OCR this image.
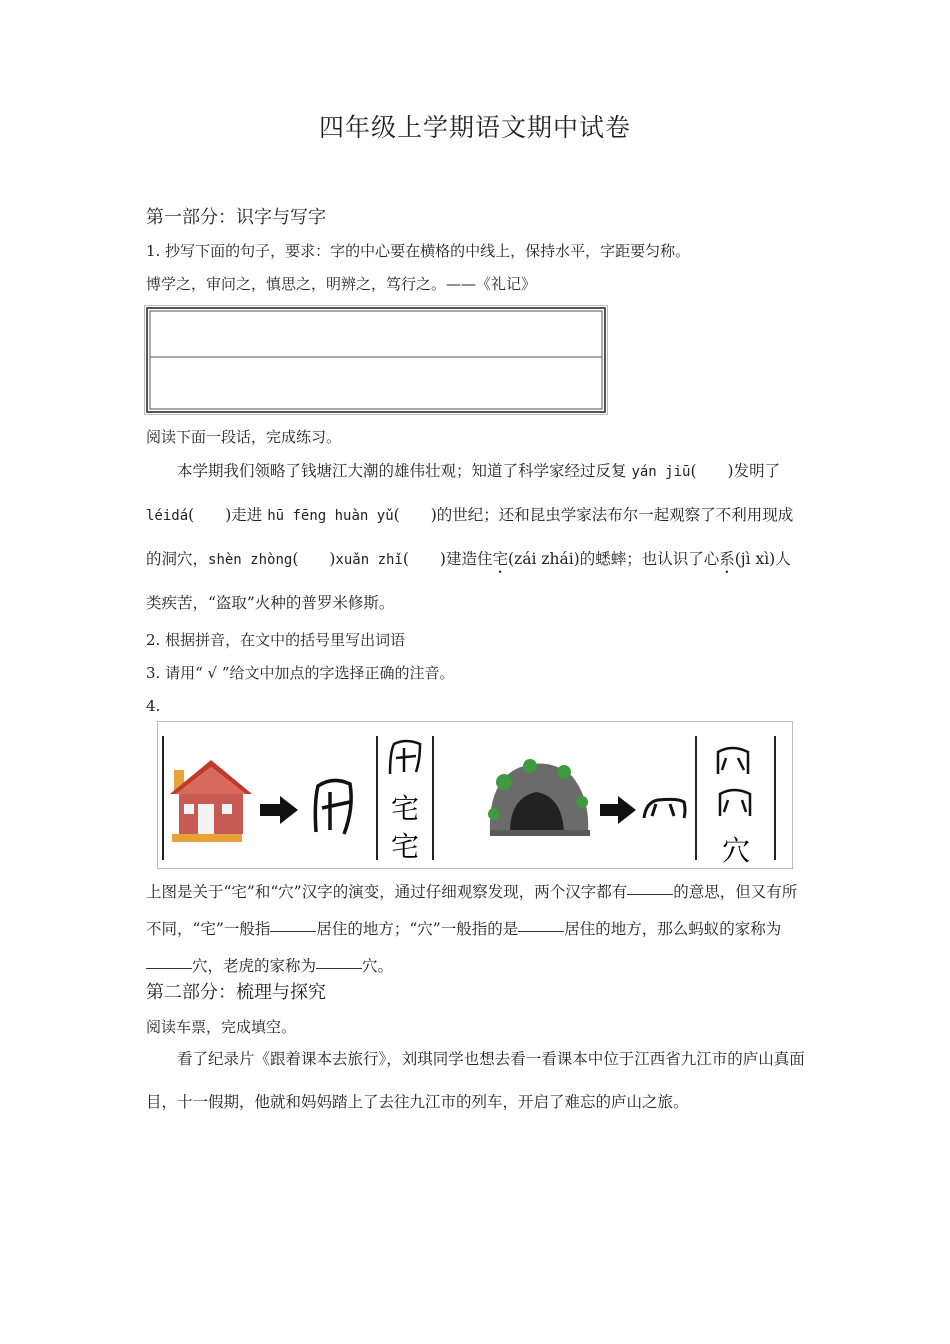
四年级上学期语文期中试卷
第一部分：识字与写字
1. 抄写下面的句子，要求：字的中心要在横格的中线上，保持水平，字距要匀称。
博学之，审问之，慎思之，明辨之，笃行之。——《礼记》
阅读下面一段话，完成练习。
本学期我们领略了钱塘江大潮的雄伟壮观；知道了科学家经过反复 yán jiū(　　)发明了 léidá(　　)走进 hū fēng huàn yǔ(　　)的世纪；还和昆虫学家法布尔一起观察了不利用现成的洞穴，shèn zhòng(　　)xuǎn zhǐ(　　)建造住宅(zái zhái)的蟋蟀；也认识了心系(jì xì)人类疾苦，“盗取”火种的普罗米修斯。
2. 根据拼音，在文中的括号里写出词语
3. 请用“ √ ”给文中加点的字选择正确的注音。
4.
宅
宅	穴
上图是关于“宅”和“穴”汉字的演变，通过仔细观察发现，两个汉字都有	的意思，但又有所不同，“宅”一般指	居住的地方；“穴”一般指的是	居住的地方，那么蚂蚁的家称为穴，老虎的家称为	穴。
第二部分：梳理与探究
阅读车票，完成填空。
看了纪录片《跟着课本去旅行》，刘琪同学也想去看一看课本中位于江西省九江市的庐山真面目，十一假期，他就和妈妈踏上了去往九江市的列车，开启了难忘的庐山之旅。
